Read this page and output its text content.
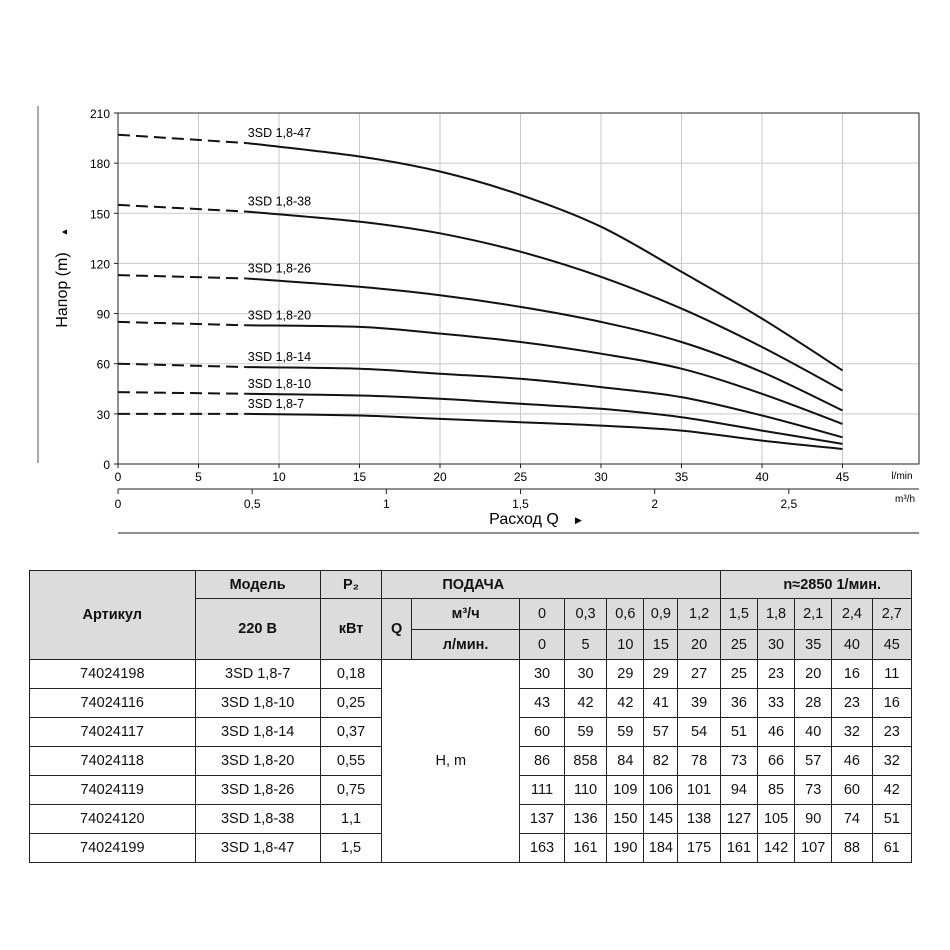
Напор (m)
▲
0
30
60
90
120
150
180
210
0	5	10	15	20	25	30	35	40	45	l/min
0	0,5	1	1,5	2	2,5	m³/h
Расход Q ▶
3SD 1,8-47
3SD 1,8-38
3SD 1,8-26
3SD 1,8-20
3SD 1,8-14
3SD 1,8-10
3SD 1,8-7
Артикул	Модель	P₂	ПОДАЧА							n≈2850 1/мин.				
	220 В	кВт	Q	м³/ч	0	0,3	0,6	0,9	1,2	1,5	1,8	2,1	2,4	2,7
				л/мин.	0	5	10	15	20	25	30	35	40	45
74024198	3SD 1,8-7	0,18	H, m		30	30	29	29	27	25	23	20	16	11
74024116	3SD 1,8-10	0,25			43	42	42	41	39	36	33	28	23	16
74024117	3SD 1,8-14	0,37			60	59	59	57	54	51	46	40	32	23
74024118	3SD 1,8-20	0,55			86	858	84	82	78	73	66	57	46	32
74024119	3SD 1,8-26	0,75			111	110	109	106	101	94	85	73	60	42
74024120	3SD 1,8-38	1,1			137	136	150	145	138	127	105	90	74	51
74024199	3SD 1,8-47	1,5			163	161	190	184	175	161	142	107	88	61
